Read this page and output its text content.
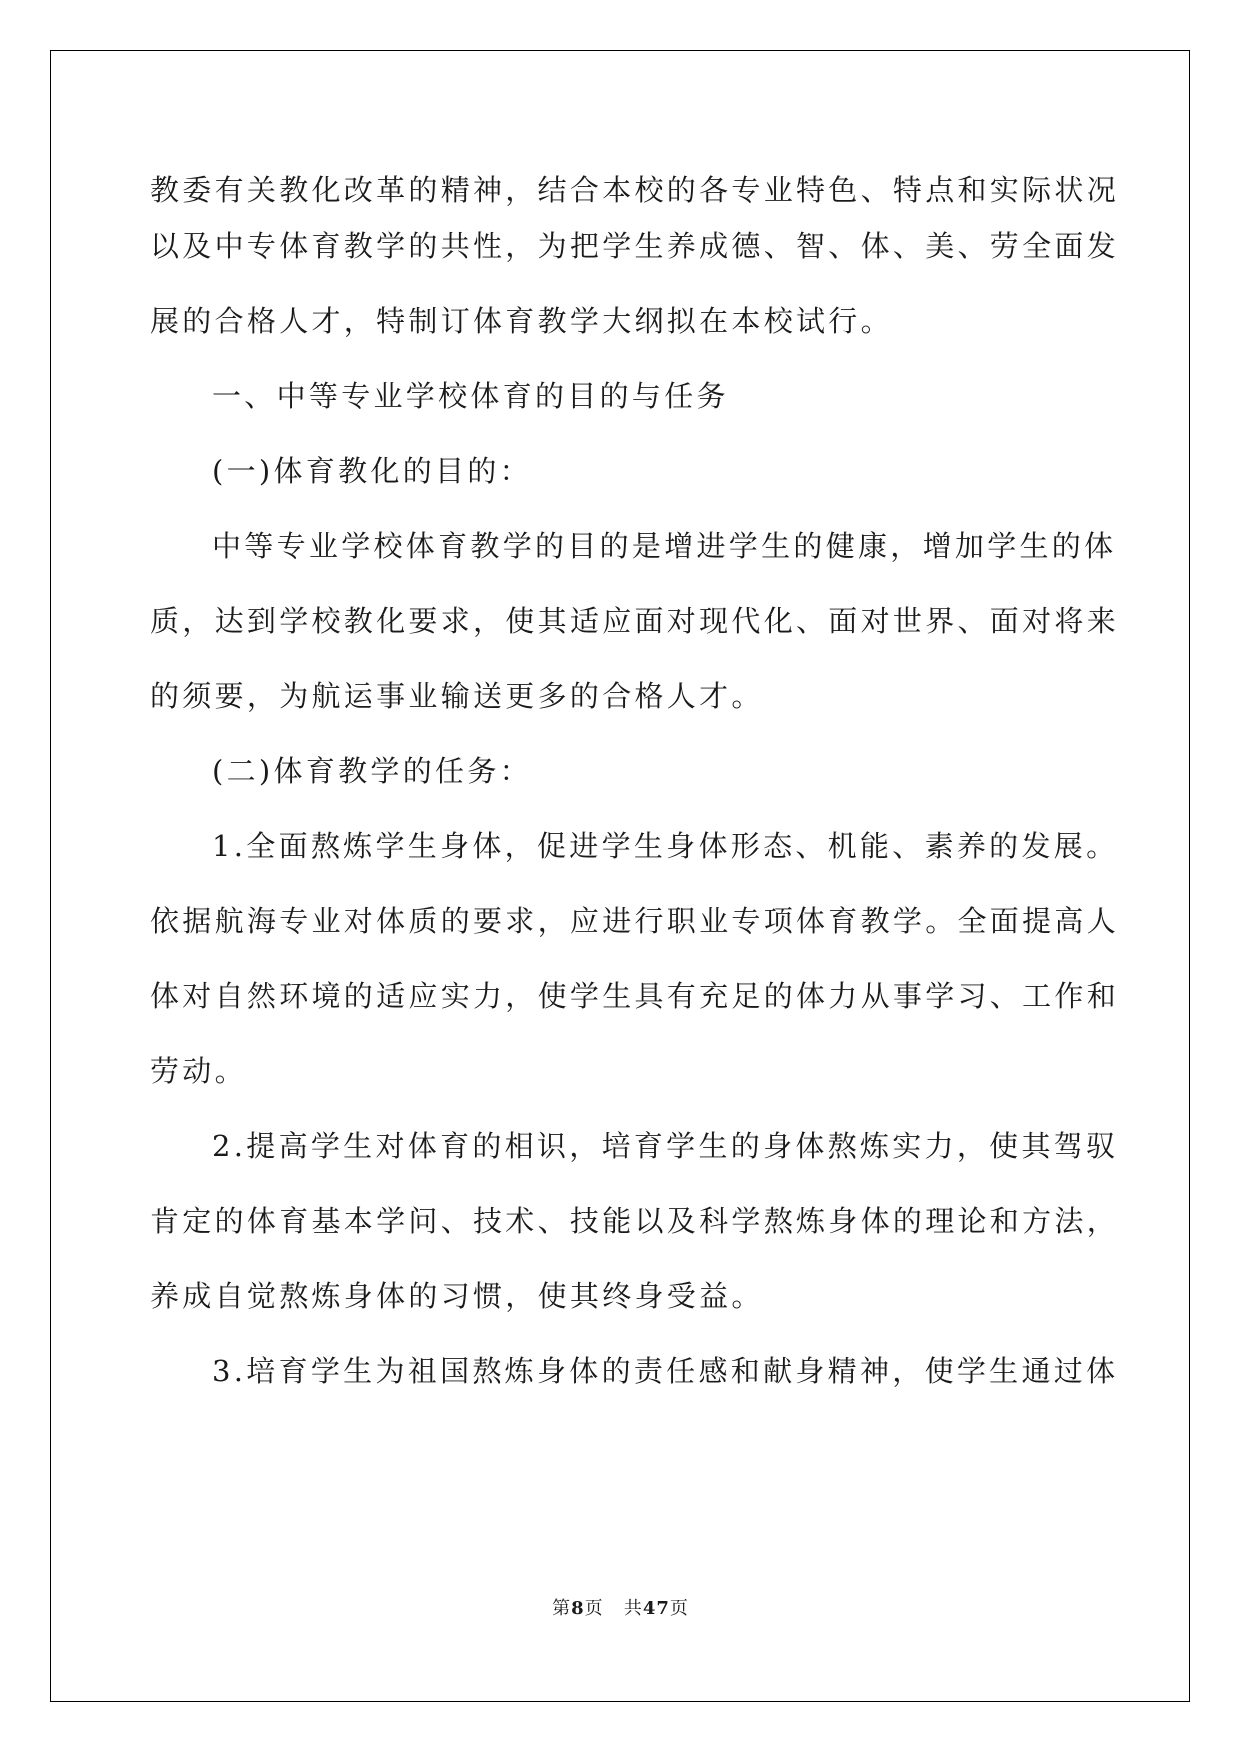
教委有关教化改革的精神，结合本校的各专业特色、特点和实际状况
以及中专体育教学的共性，为把学生养成德、智、体、美、劳全面发
展的合格人才，特制订体育教学大纲拟在本校试行。
一、中等专业学校体育的目的与任务
(一)体育教化的目的：
中等专业学校体育教学的目的是增进学生的健康，增加学生的体
质，达到学校教化要求，使其适应面对现代化、面对世界、面对将来
的须要，为航运事业输送更多的合格人才。
(二)体育教学的任务：
1.全面熬炼学生身体，促进学生身体形态、机能、素养的发展。
依据航海专业对体质的要求，应进行职业专项体育教学。全面提高人
体对自然环境的适应实力，使学生具有充足的体力从事学习、工作和
劳动。
2.提高学生对体育的相识，培育学生的身体熬炼实力，使其驾驭
肯定的体育基本学问、技术、技能以及科学熬炼身体的理论和方法，
养成自觉熬炼身体的习惯，使其终身受益。
3.培育学生为祖国熬炼身体的责任感和献身精神，使学生通过体
第8页 共47页
